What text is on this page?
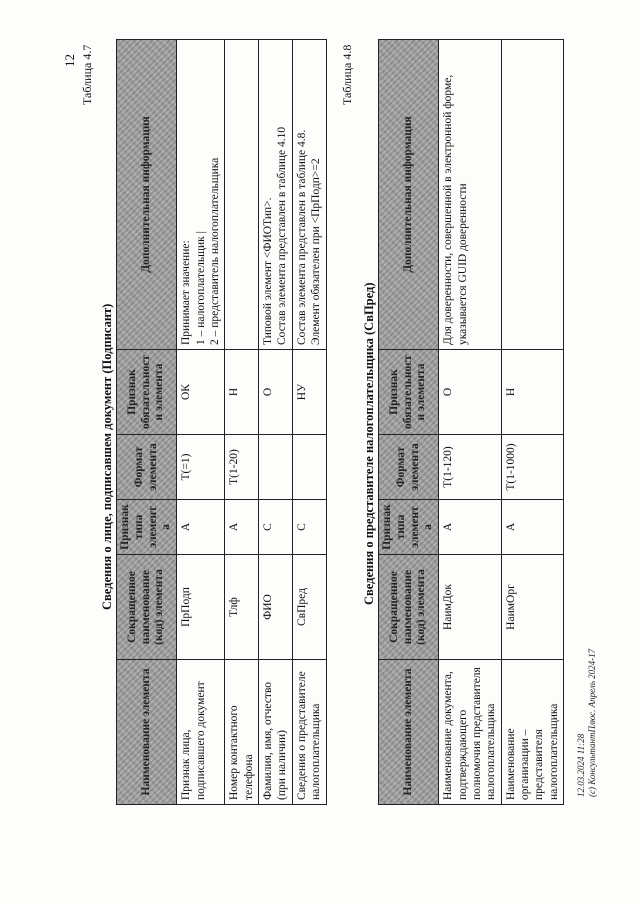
12 Таблица 4.7
Сведения о лице, подписавшем документ (Подписант)
Наименование элемента	Сокращенное наименование (код) элемента	Признак типа элемента	Формат элемента	Признак обязательности элемента	Дополнительная информация
Признак лица, подписавшего документ	ПрПодп	А	T(=1)	ОК	Принимает значение: 1 – налогоплательщик | 2 – представитель налогоплательщика

Номер контактного телефона	Тлф	А	T(1-20)	Н	
Фамилия, имя, отчество (при наличии)	ФИО	С		О	Типовой элемент <ФИОТип>. Состав элемента представлен в таблице 4.10

Сведения о представителе налогоплательщика	СвПред	С		НУ	Состав элемента представлен в таблице 4.8. Элемент обязателен при <ПрПодп>=2
Таблица 4.8
Сведения о представителе налогоплательщика (СвПред)
Наименование элемента	Сокращенное наименование (код) элемента	Признак типа элемента	Формат элемента	Признак обязательности элемента	Дополнительная информация
Наименование документа, подтверждающего полномочия представителя налогоплательщика	НаимДок	А	T(1-120)	О	Для доверенности, совершенной в электронной форме, указывается GUID доверенности

Наименование организации – представителя налогоплательщика	НаимОрг	А	T(1-1000)	Н	
12.03.2024 11:28 (с) КонсультантПлюс. Апрель 2024-17
